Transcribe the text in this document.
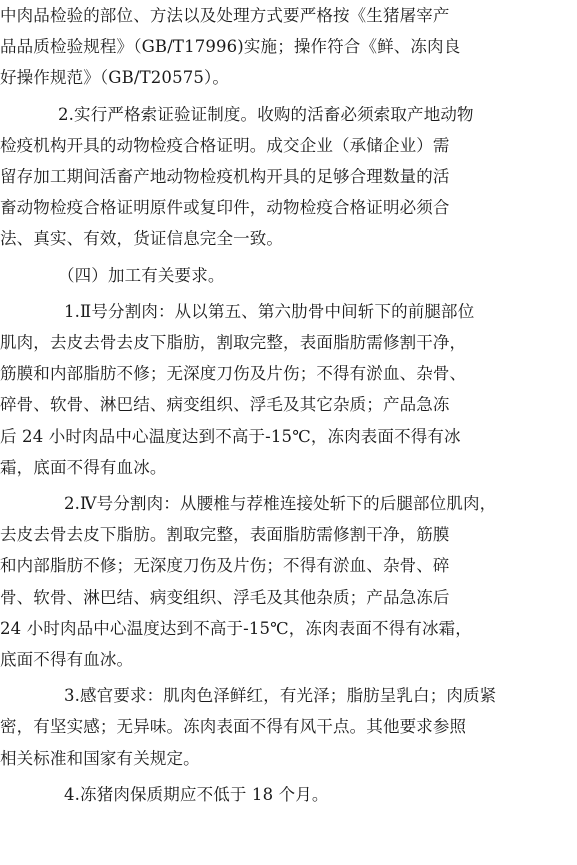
中肉品检验的部位、方法以及处理方式要严格按《生猪屠宰产
品品质检验规程》（GB/T17996)实施；操作符合《鲜、冻肉良
好操作规范》（GB/T20575）。
2.实行严格索证验证制度。收购的活畜必须索取产地动物
检疫机构开具的动物检疫合格证明。成交企业（承储企业）需
留存加工期间活畜产地动物检疫机构开具的足够合理数量的活
畜动物检疫合格证明原件或复印件，动物检疫合格证明必须合
法、真实、有效，货证信息完全一致。
（四）加工有关要求。
1.Ⅱ号分割肉：从以第五、第六肋骨中间斩下的前腿部位
肌肉，去皮去骨去皮下脂肪，割取完整，表面脂肪需修割干净，
筋膜和内部脂肪不修；无深度刀伤及片伤；不得有淤血、杂骨、
碎骨、软骨、淋巴结、病变组织、浮毛及其它杂质；产品急冻
后 24 小时肉品中心温度达到不高于-15℃，冻肉表面不得有冰
霜，底面不得有血冰。
2.Ⅳ号分割肉：从腰椎与荐椎连接处斩下的后腿部位肌肉，
去皮去骨去皮下脂肪。割取完整，表面脂肪需修割干净，筋膜
和内部脂肪不修；无深度刀伤及片伤；不得有淤血、杂骨、碎
骨、软骨、淋巴结、病变组织、浮毛及其他杂质；产品急冻后
24 小时肉品中心温度达到不高于-15℃，冻肉表面不得有冰霜，
底面不得有血冰。
3.感官要求：肌肉色泽鲜红，有光泽；脂肪呈乳白；肉质紧
密，有坚实感；无异味。冻肉表面不得有风干点。其他要求参照
相关标准和国家有关规定。
4.冻猪肉保质期应不低于 18 个月。
